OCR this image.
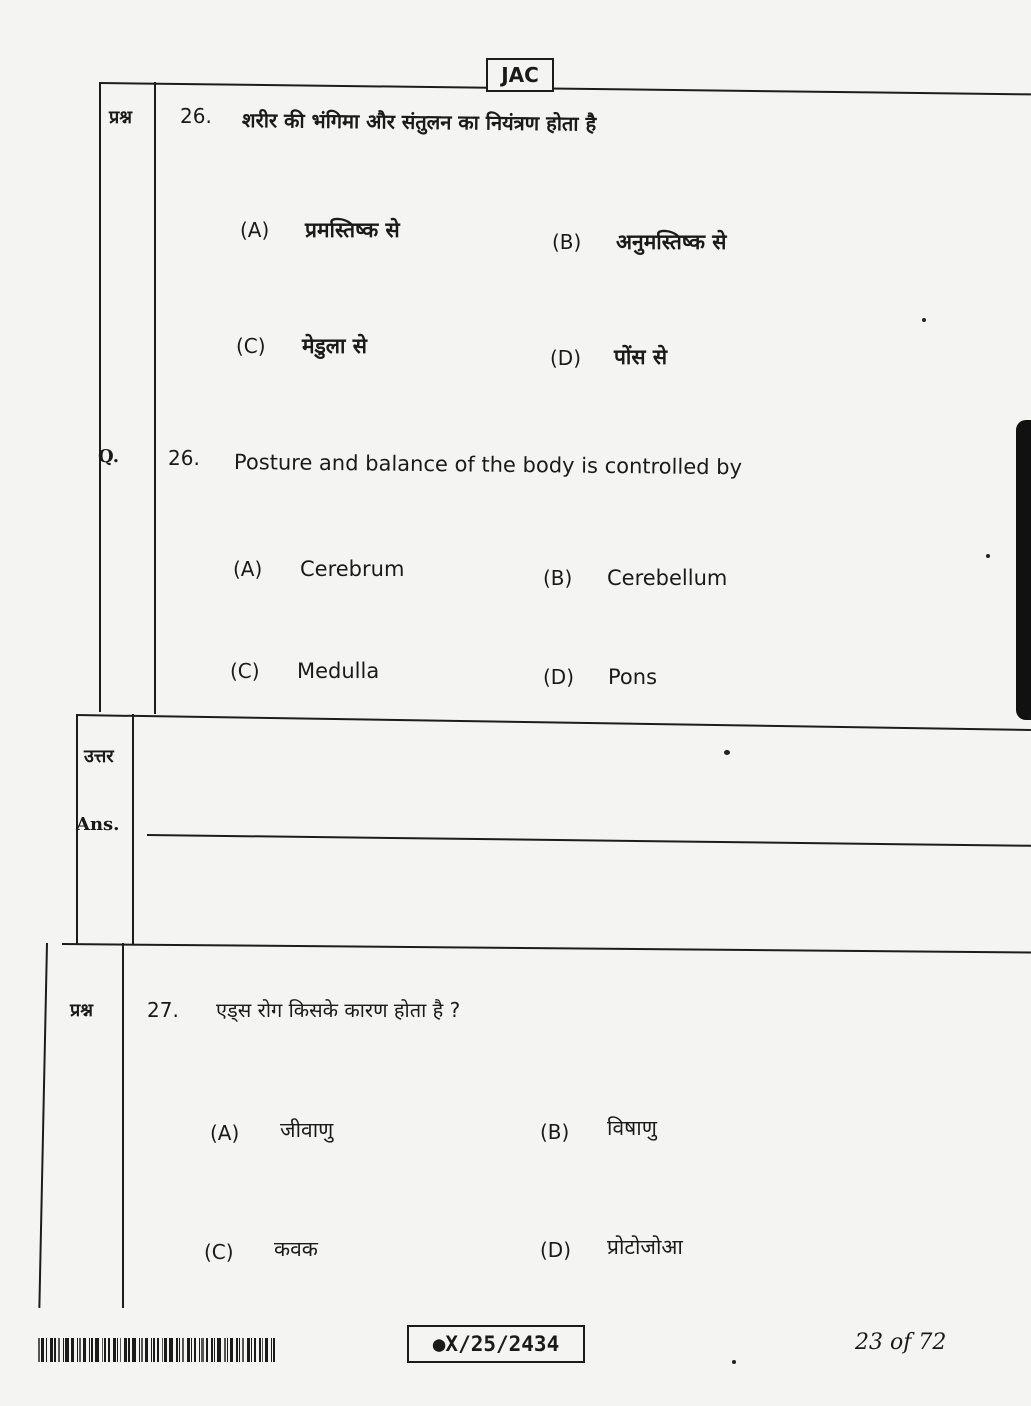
JAC
प्रश्न 26. शरीर की भंगिमा और संतुलन का नियंत्रण होता है
(A) प्रमस्तिष्क से	(B) अनुमस्तिष्क से
(C) मेडुला से	(D) पोंस से
Q. 26. Posture and balance of the body is controlled by
(A) Cerebrum	(B) Cerebellum
(C) Medulla	(D) Pons
उत्तर
Ans.
प्रश्न	27. एड्स रोग किसके कारण होता है ?
(A) जीवाणु	(B) विषाणु
(C) कवक	(D) प्रोटोजोआ
●X/25/2434	23 of 72
